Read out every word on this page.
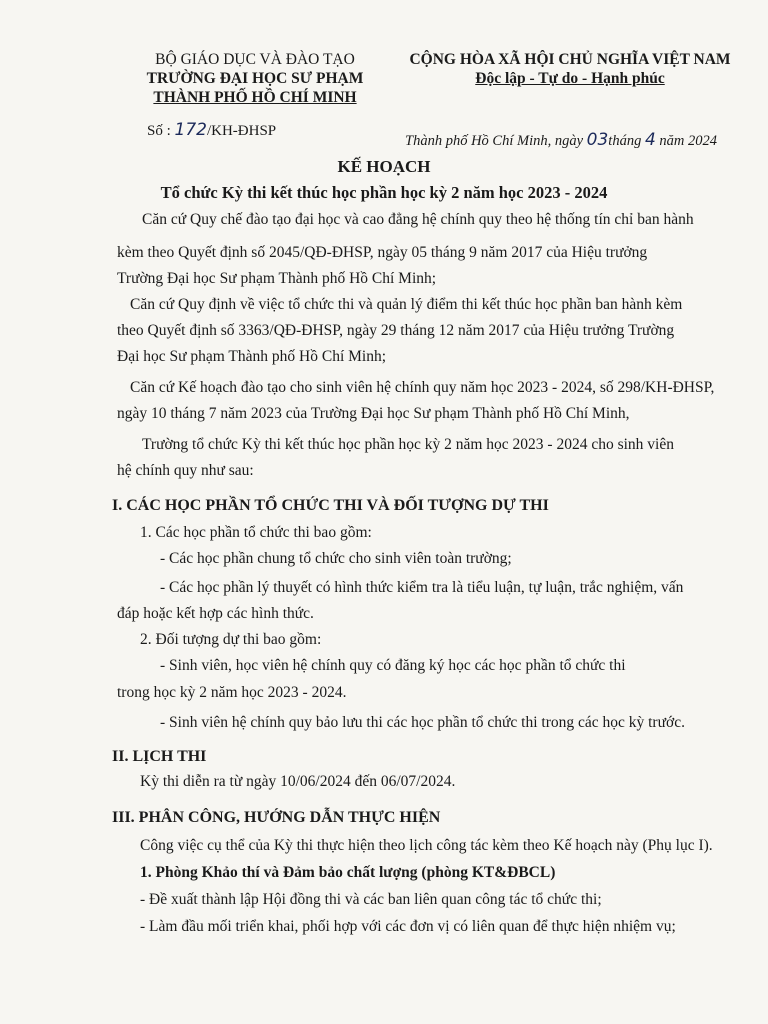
BỘ GIÁO DỤC VÀ ĐÀO TẠO
TRƯỜNG ĐẠI HỌC SƯ PHẠM
THÀNH PHỐ HỒ CHÍ MINH
CỘNG HÒA XÃ HỘI CHỦ NGHĨA VIỆT NAM
Độc lập - Tự do - Hạnh phúc
Số : 172/KH-ĐHSP
Thành phố Hồ Chí Minh, ngày 03tháng 4 năm 2024
KẾ HOẠCH
Tổ chức Kỳ thi kết thúc học phần học kỳ 2 năm học 2023 - 2024
Căn cứ Quy chế đào tạo đại học và cao đẳng hệ chính quy theo hệ thống tín chỉ ban hành
kèm theo Quyết định số 2045/QĐ-ĐHSP, ngày 05 tháng 9 năm 2017 của Hiệu trưởng
Trường Đại học Sư phạm Thành phố Hồ Chí Minh;
Căn cứ Quy định về việc tổ chức thi và quản lý điểm thi kết thúc học phần ban hành kèm
theo Quyết định số 3363/QĐ-ĐHSP, ngày 29 tháng 12 năm 2017 của Hiệu trưởng Trường
Đại học Sư phạm Thành phố Hồ Chí Minh;
Căn cứ Kế hoạch đào tạo cho sinh viên hệ chính quy năm học 2023 - 2024, số 298/KH-ĐHSP,
ngày 10 tháng 7 năm 2023 của Trường Đại học Sư phạm Thành phố Hồ Chí Minh,
Trường tổ chức Kỳ thi kết thúc học phần học kỳ 2 năm học 2023 - 2024 cho sinh viên
hệ chính quy như sau:
I. CÁC HỌC PHẦN TỔ CHỨC THI VÀ ĐỐI TƯỢNG DỰ THI
1. Các học phần tổ chức thi bao gồm:
- Các học phần chung tổ chức cho sinh viên toàn trường;
- Các học phần lý thuyết có hình thức kiểm tra là tiểu luận, tự luận, trắc nghiệm, vấn
đáp hoặc kết hợp các hình thức.
2. Đối tượng dự thi bao gồm:
- Sinh viên, học viên hệ chính quy có đăng ký học các học phần tổ chức thi
trong học kỳ 2 năm học 2023 - 2024.
- Sinh viên hệ chính quy bảo lưu thi các học phần tổ chức thi trong các học kỳ trước.
II. LỊCH THI
Kỳ thi diễn ra từ ngày 10/06/2024 đến 06/07/2024.
III. PHÂN CÔNG, HƯỚNG DẪN THỰC HIỆN
Công việc cụ thể của Kỳ thi thực hiện theo lịch công tác kèm theo Kế hoạch này (Phụ lục I).
1. Phòng Khảo thí và Đảm bảo chất lượng (phòng KT&ĐBCL)
- Đề xuất thành lập Hội đồng thi và các ban liên quan công tác tổ chức thi;
- Làm đầu mối triển khai, phối hợp với các đơn vị có liên quan để thực hiện nhiệm vụ;
